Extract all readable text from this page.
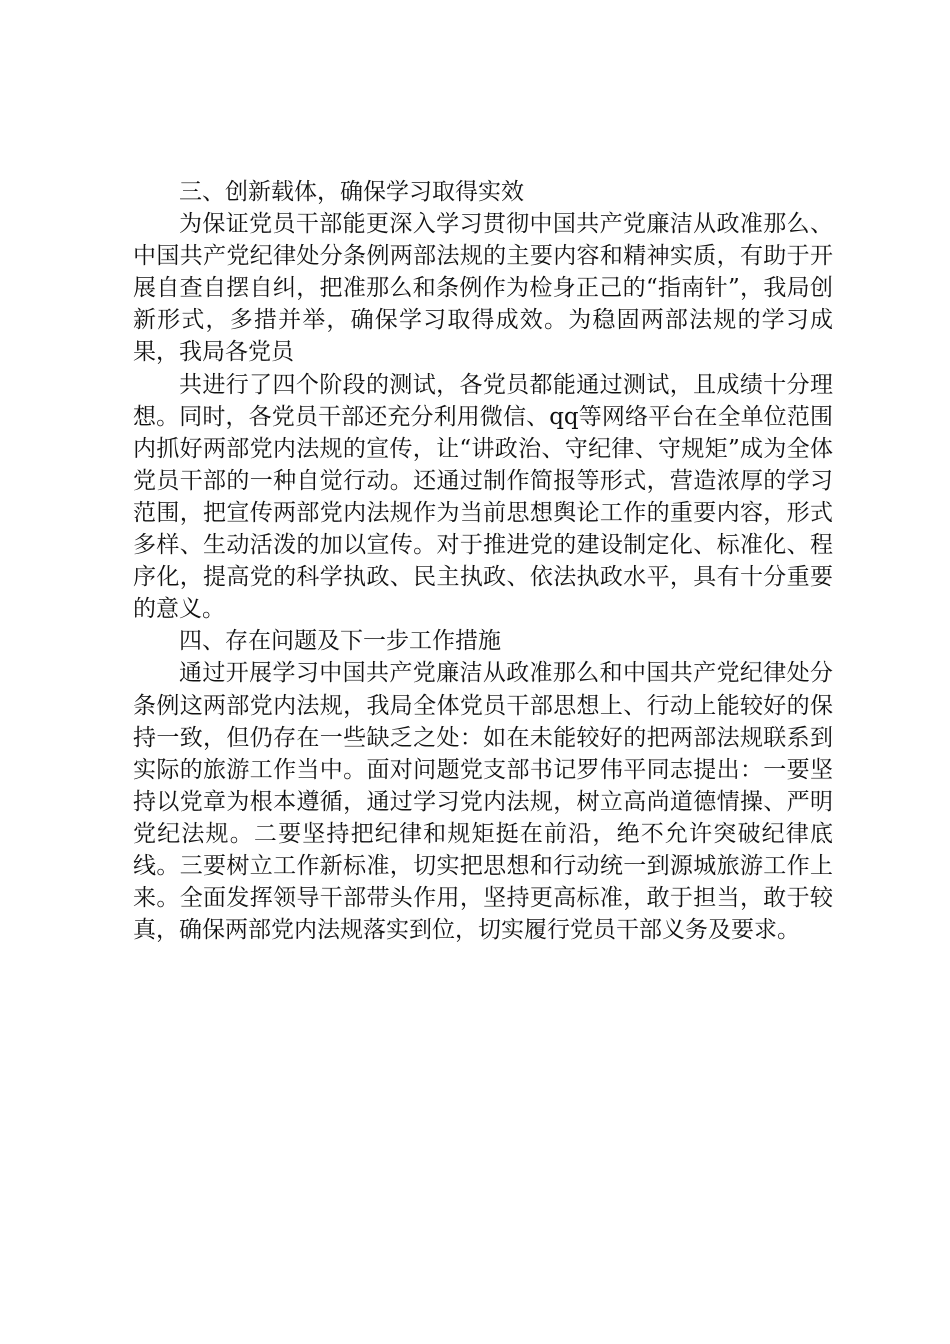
三、创新载体，确保学习取得实效

为保证党员干部能更深入学习贯彻中国共产党廉洁从政准那么、中国共产党纪律处分条例两部法规的主要内容和精神实质，有助于开展自查自摆自纠，把准那么和条例作为检身正己的“指南针”，我局创新形式，多措并举，确保学习取得成效。为稳固两部法规的学习成果，我局各党员

共进行了四个阶段的测试，各党员都能通过测试，且成绩十分理想。同时，各党员干部还充分利用微信、qq等网络平台在全单位范围内抓好两部党内法规的宣传，让“讲政治、守纪律、守规矩”成为全体党员干部的一种自觉行动。还通过制作简报等形式，营造浓厚的学习范围，把宣传两部党内法规作为当前思想舆论工作的重要内容，形式多样、生动活泼的加以宣传。对于推进党的建设制定化、标准化、程序化，提高党的科学执政、民主执政、依法执政水平，具有十分重要的意义。

四、存在问题及下一步工作措施

通过开展学习中国共产党廉洁从政准那么和中国共产党纪律处分条例这两部党内法规，我局全体党员干部思想上、行动上能较好的保持一致，但仍存在一些缺乏之处：如在未能较好的把两部法规联系到实际的旅游工作当中。面对问题党支部书记罗伟平同志提出：一要坚持以党章为根本遵循，通过学习党内法规，树立高尚道德情操、严明党纪法规。二要坚持把纪律和规矩挺在前沿，绝不允许突破纪律底线。三要树立工作新标准，切实把思想和行动统一到源城旅游工作上来。全面发挥领导干部带头作用，坚持更高标准，敢于担当，敢于较真，确保两部党内法规落实到位，切实履行党员干部义务及要求。
